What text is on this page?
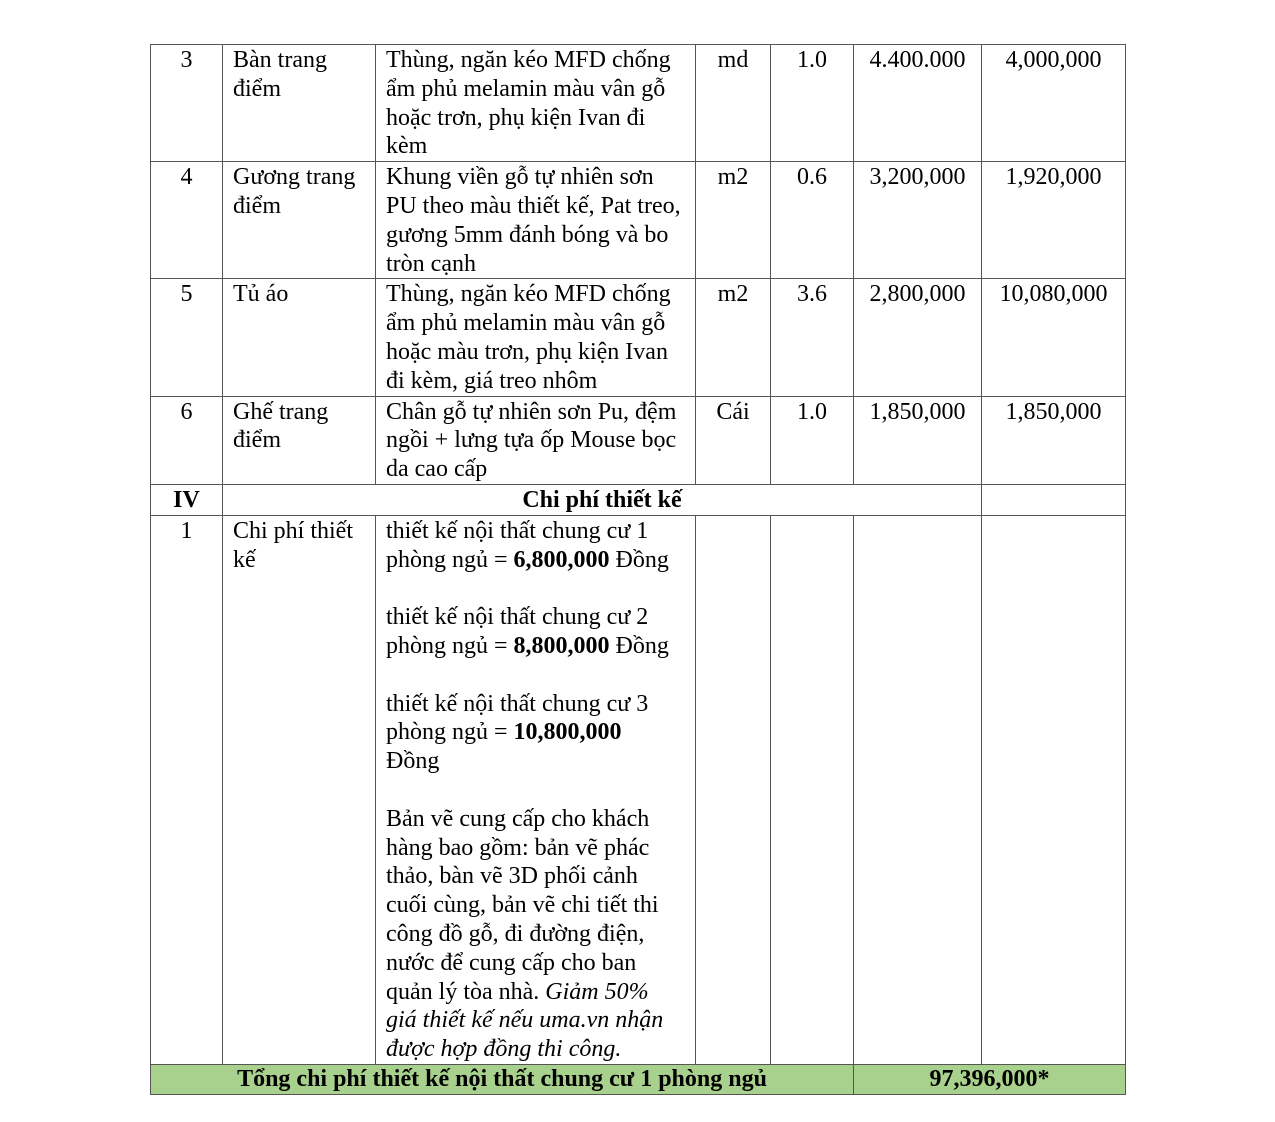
3	Bàn trang điểm	Thùng, ngăn kéo MFD chống ẩm phủ melamin màu vân gỗ hoặc trơn, phụ kiện Ivan đi kèm	md	1.0	4.400.000	4,000,000
4	Gương trang điểm	Khung viền gỗ tự nhiên sơn PU theo màu thiết kế, Pat treo, gương 5mm đánh bóng và bo tròn cạnh	m2	0.6	3,200,000	1,920,000
5	Tủ áo	Thùng, ngăn kéo MFD chống ẩm phủ melamin màu vân gỗ hoặc màu trơn, phụ kiện Ivan đi kèm, giá treo nhôm	m2	3.6	2,800,000	10,080,000
6	Ghế trang điểm	Chân gỗ tự nhiên sơn Pu, đệm ngồi + lưng tựa ốp Mouse bọc da cao cấp	Cái	1.0	1,850,000	1,850,000
IV	Chi phí thiết kế					
1	Chi phí thiết kế	thiết kế nội thất chung cư 1 phòng ngủ = 6,800,000 Đồng
thiết kế nội thất chung cư 2 phòng ngủ = 8,800,000 Đồng
thiết kế nội thất chung cư 3 phòng ngủ = 10,800,000
Đồng
Bản vẽ cung cấp cho khách hàng bao gồm: bản vẽ phác thảo, bàn vẽ 3D phối cảnh cuối cùng, bản vẽ chi tiết thi công đồ gỗ, đi đường điện, nước để cung cấp cho ban quản lý tòa nhà. Giảm 50% giá thiết kế nếu uma.vn nhận được hợp đồng thi công.				

Tổng chi phí thiết kế nội thất chung cư 1 phòng ngủ					97,396,000*	
